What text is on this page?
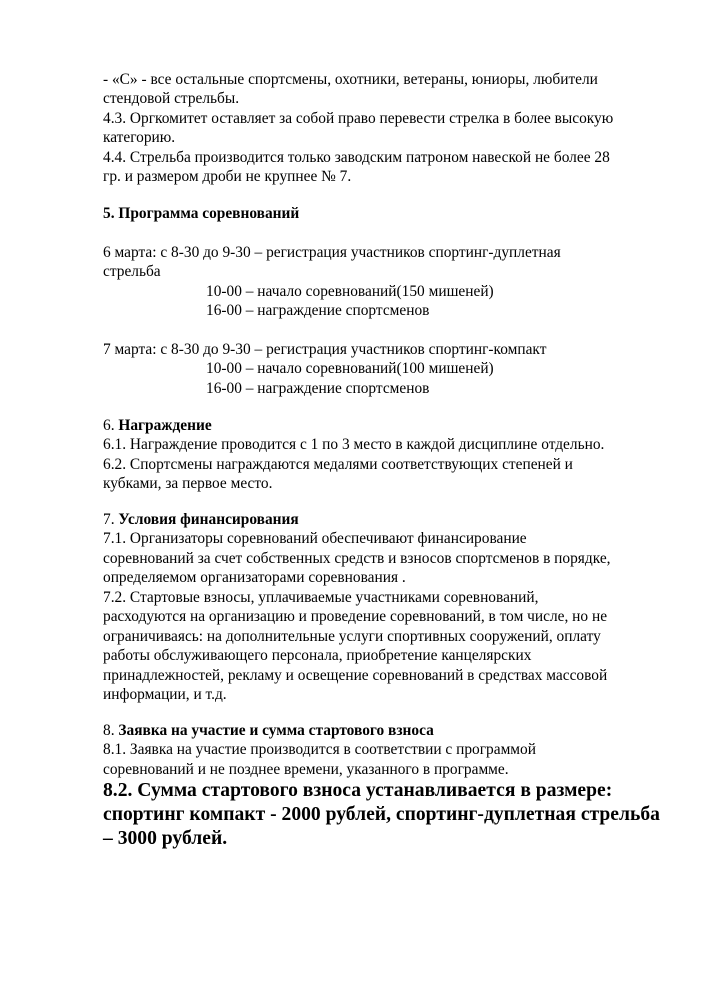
- «С» - все остальные спортсмены, охотники, ветераны, юниоры, любители
стендовой стрельбы.
4.3. Оргкомитет оставляет за собой право перевести стрелка в более высокую
категорию.
4.4. Стрельба производится только заводским патроном навеской не более 28
гр. и размером дроби не крупнее № 7.
5. Программа соревнований
6 марта: с 8-30 до 9-30 – регистрация участников спортинг-дуплетная
стрельба
10-00 – начало соревнований(150 мишеней)
16-00 – награждение спортсменов
7 марта: с 8-30 до 9-30 – регистрация участников спортинг-компакт
10-00 – начало соревнований(100 мишеней)
16-00 – награждение спортсменов
6. Награждение
6.1. Награждение проводится с 1 по 3 место в каждой дисциплине отдельно.
6.2. Спортсмены награждаются медалями соответствующих степеней и
кубками, за первое место.
7. Условия финансирования
7.1. Организаторы соревнований обеспечивают финансирование
соревнований за счет собственных средств и взносов спортсменов в порядке,
определяемом организаторами соревнования .
7.2. Стартовые взносы, уплачиваемые участниками соревнований,
расходуются на организацию и проведение соревнований, в том числе, но не
ограничиваясь: на дополнительные услуги спортивных сооружений, оплату
работы обслуживающего персонала, приобретение канцелярских
принадлежностей, рекламу и освещение соревнований в средствах массовой
информации, и т.д.
8. Заявка на участие и сумма стартового взноса
8.1. Заявка на участие производится в соответствии с программой
соревнований и не позднее времени, указанного в программе.
8.2. Сумма стартового взноса устанавливается в размере:
спортинг компакт - 2000 рублей, спортинг-дуплетная стрельба
– 3000 рублей.
